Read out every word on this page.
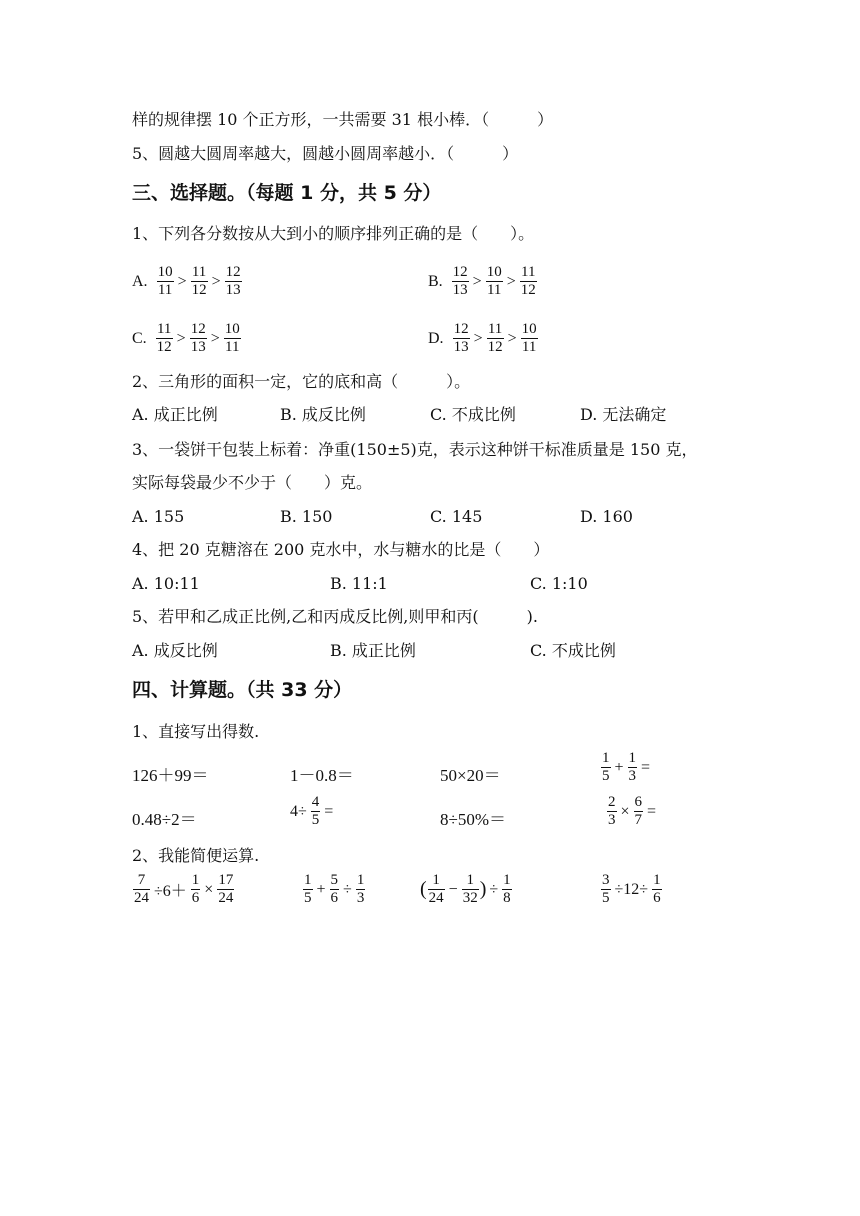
样的规律摆 10 个正方形，一共需要 31 根小棒．（　　　）
5、圆越大圆周率越大，圆越小圆周率越小．（　　　）
三、选择题。（每题 1 分，共 5 分）
1、下列各分数按从大到小的顺序排列正确的是（　　）。
A. $\frac{10}{11} > \frac{11}{12} > \frac{12}{13}$	B. $\frac{12}{13} > \frac{10}{11} > \frac{11}{12}$
C. $\frac{11}{12} > \frac{12}{13} > \frac{10}{11}$	D. $\frac{12}{13} > \frac{11}{12} > \frac{10}{11}$
2、三角形的面积一定，它的底和高（　　　）。
A. 成正比例	B. 成反比例	C. 不成比例	D. 无法确定
3、一袋饼干包装上标着：净重(150±5)克，表示这种饼干标准质量是 150 克，
实际每袋最少不少于（　　）克。
A. 155	B. 150	C. 145	D. 160
4、把 20 克糖溶在 200 克水中，水与糖水的比是（　　）
A. 10:11	B. 11:1	C. 1:10
5、若甲和乙成正比例,乙和丙成反比例,则甲和丙(　　　).
A. 成反比例	B. 成正比例	C. 不成比例
四、计算题。（共 33 分）
1、直接写出得数.
126＋99＝	1－0.8＝	50×20＝	$\frac{1}{5} + \frac{1}{3}$ =
0.48÷2＝	$4\div \frac{4}{5}$ =	8÷50%＝	$\frac{2}{3} \times \frac{6}{7}$ =
2、我能简便运算.
$\frac{7}{24} \div 6+ \frac{1}{6} \times \frac{17}{24}$	$\frac{1}{5} + \frac{5}{6} \div \frac{1}{3}$	( $\frac{1}{24} - \frac{1}{32}$ ) ÷ $\frac{1}{8}$	$\frac{3}{5} \div 12\div \frac{1}{6}$
